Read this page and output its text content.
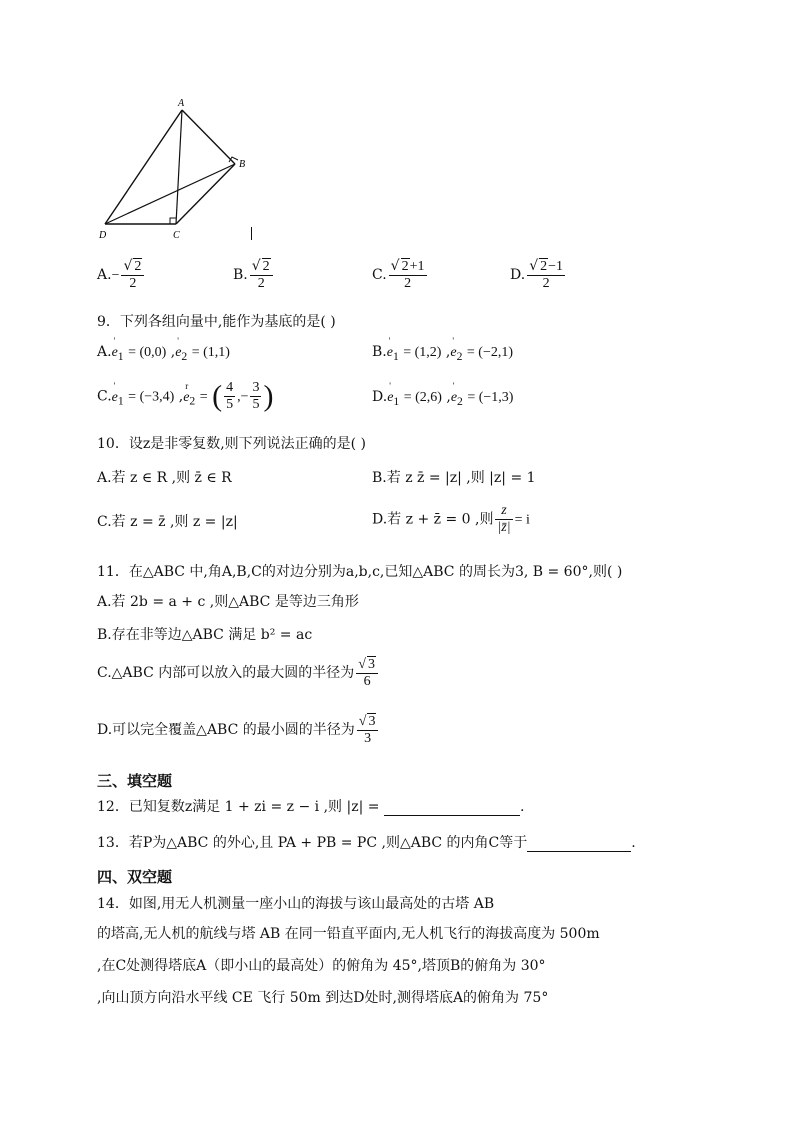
A
B
C
D
$A.- \frac{√ 2}{2}$	B. $\frac{√ 2}{2}$	C. $\frac{√ 2+1}{2}$	D. $\frac{√ 2-1}{2}$
9．下列各组向量中,能作为基底的是( )
A.e
'
$_1$ = (0,0) ,e
'
$_2$ = (1,1)	B.e
'
$_1$ = (1,2) ,e
'
$_2$ = (−2,1)
C.e
'
$_1$ = (−3,4) ,e
r
$_2$ = ( $\frac{4}{5}$ ,− $\frac{3}{5}$ )	D.e
'
$_1$ = (2,6) ,e
'
$_2$ = (−1,3)
10．设z是非零复数,则下列说法正确的是( )
A.若 z ∈ R ,则 z̄ ∈ R	B.若 z z̄ = |z| ,则 |z| = 1
C.若 z = z̄ ,则 z = |z|	D.若 z + z̄ = 0 ,则 $\frac{z}{|z̄|} = i$
11．在△ABC 中,角A,B,C的对边分别为a,b,c,已知△ABC 的周长为3, B = 60°,则( )
A.若 2b = a + c ,则△ABC 是等边三角形
B.存在非等边△ABC 满足 b² = ac
C.△ABC 内部可以放入的最大圆的半径为 $\frac{√ 3}{6}$
D.可以完全覆盖△ABC 的最小圆的半径为 $\frac{√ 3}{3}$
三、填空题
12．已知复数z满足 1 + zi = z − i ,则 |z| =	.
13．若P为△ABC 的外心,且 PA + PB = PC ,则△ABC 的内角C等于	.
四、双空题
14．如图,用无人机测量一座小山的海拔与该山最高处的古塔 AB
的塔高,无人机的航线与塔 AB 在同一铅直平面内,无人机飞行的海拔高度为 500m
,在C处测得塔底A（即小山的最高处）的俯角为 45°,塔顶B的俯角为 30°
,向山顶方向沿水平线 CE 飞行 50m 到达D处时,测得塔底A的俯角为 75°
